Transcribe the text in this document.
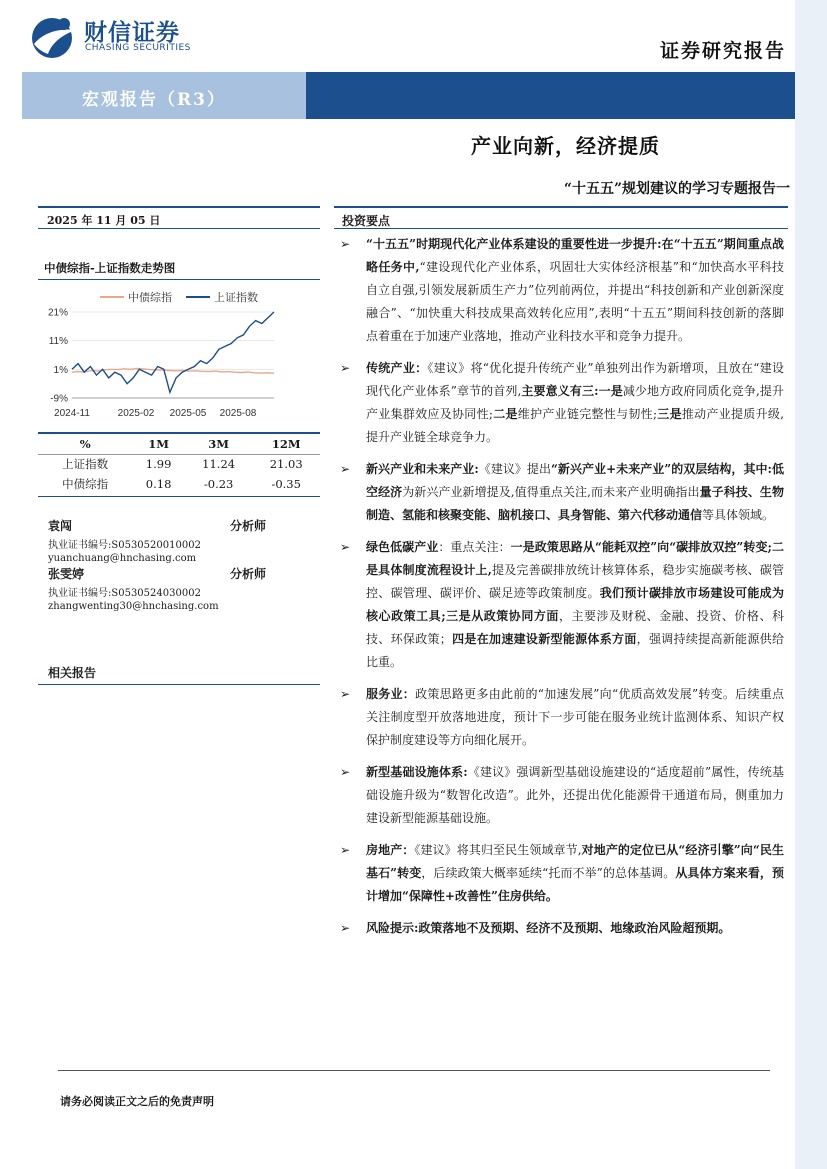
财信证券
CHASING SECURITIES	证券研究报告
宏观报告（R3）
产业向新，经济提质
“十五五”规划建议的学习专题报告一
2025 年 11 月 05 日
中债综指-上证指数走势图
中债综指	上证指数
21%
11%
1%
-9%
2024-11	2025-02 2025-05 2025-08
%	1M	3M	12M
上证指数	1.99	11.24	21.03
中债综指	0.18	-0.23	-0.35
袁闯	分析师
执业证书编号:S0530520010002
yuanchuang@hnchasing.com
张雯婷	分析师
执业证书编号:S0530524030002
zhangwenting30@hnchasing.com
相关报告
投资要点
➢ “十五五”时期现代化产业体系建设的重要性进一步提升:在“十五五”期间重点战略任务中,“建设现代化产业体系，巩固壮大实体经济根基”和“加快高水平科技自立自强,引领发展新质生产力”位列前两位，并提出“科技创新和产业创新深度融合”、“加快重大科技成果高效转化应用”,表明“十五五”期间科技创新的落脚点着重在于加速产业落地，推动产业科技水平和竞争力提升。
➢ 传统产业：《建议》将“优化提升传统产业”单独列出作为新增项，且放在“建设现代化产业体系”章节的首列,主要意义有三:一是减少地方政府同质化竞争,提升产业集群效应及协同性;二是维护产业链完整性与韧性;三是推动产业提质升级,提升产业链全球竞争力。
➢ 新兴产业和未来产业:《建议》提出“新兴产业+未来产业”的双层结构，其中:低空经济为新兴产业新增提及,值得重点关注,而未来产业明确指出量子科技、生物制造、氢能和核聚变能、脑机接口、具身智能、第六代移动通信等具体领域。
➢ 绿色低碳产业：重点关注：一是政策思路从“能耗双控”向“碳排放双控”转变;二是具体制度流程设计上,提及完善碳排放统计核算体系，稳步实施碳考核、碳管控、碳管理、碳评价、碳足迹等政策制度。我们预计碳排放市场建设可能成为核心政策工具;三是从政策协同方面，主要涉及财税、金融、投资、价格、科技、环保政策；四是在加速建设新型能源体系方面，强调持续提高新能源供给比重。
➢ 服务业：政策思路更多由此前的“加速发展”向“优质高效发展”转变。后续重点关注制度型开放落地进度，预计下一步可能在服务业统计监测体系、知识产权保护制度建设等方向细化展开。
➢ 新型基础设施体系:《建议》强调新型基础设施建设的“适度超前”属性，传统基础设施升级为“数智化改造”。此外，还提出优化能源骨干通道布局，侧重加力建设新型能源基础设施。
➢ 房地产：《建议》将其归至民生领域章节,对地产的定位已从“经济引擎”向“民生基石”转变，后续政策大概率延续“托而不举”的总体基调。从具体方案来看，预计增加“保障性+改善性”住房供给。
➢ 风险提示:政策落地不及预期、经济不及预期、地缘政治风险超预期。
请务必阅读正文之后的免责声明
